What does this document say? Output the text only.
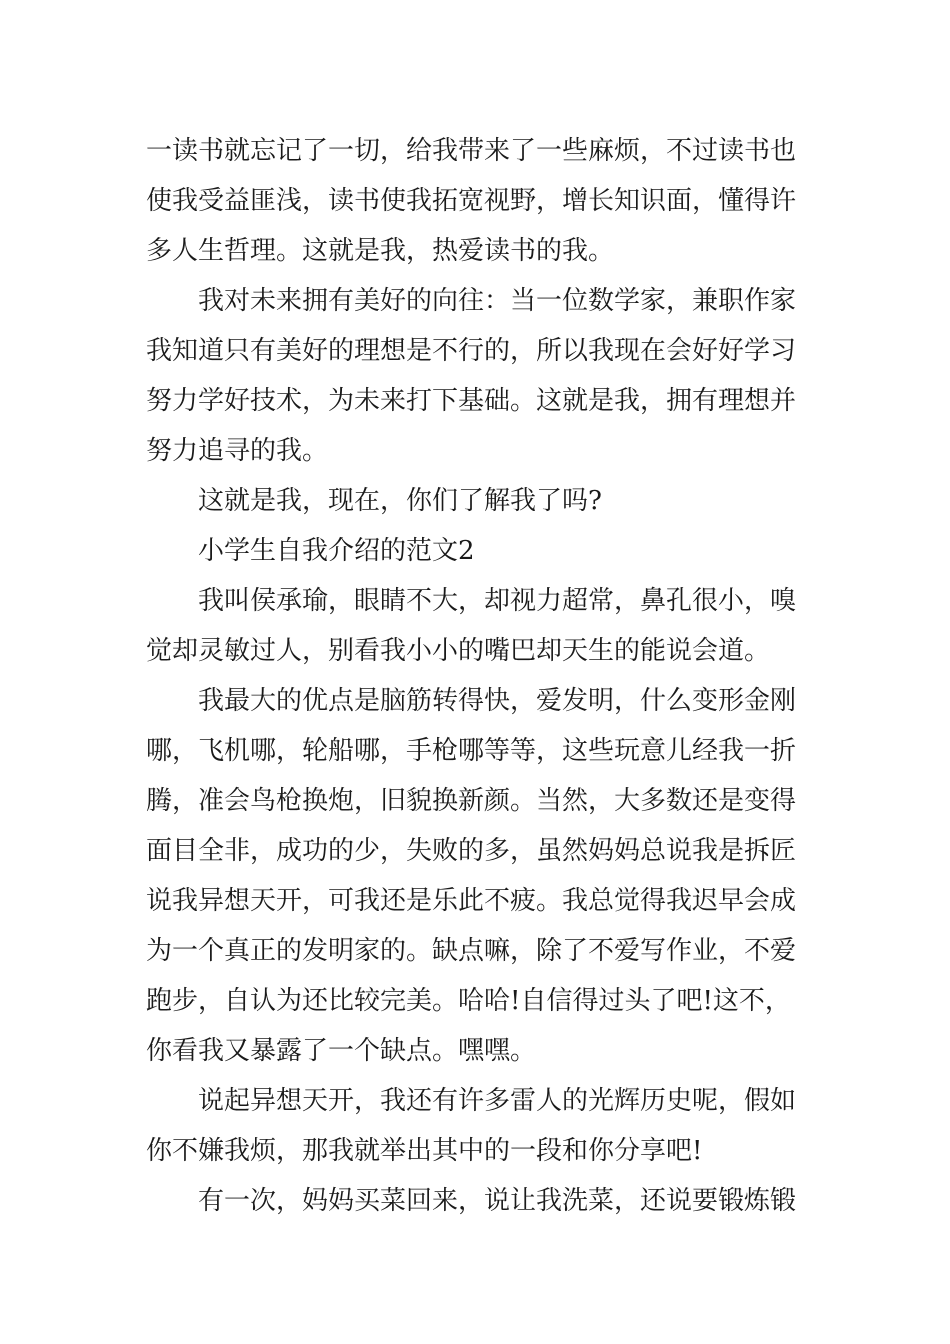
一读书就忘记了一切，给我带来了一些麻烦，不过读书也
使我受益匪浅，读书使我拓宽视野，增长知识面，懂得许
多人生哲理。这就是我，热爱读书的我。
我对未来拥有美好的向往：当一位数学家，兼职作家
我知道只有美好的理想是不行的，所以我现在会好好学习
努力学好技术，为未来打下基础。这就是我，拥有理想并
努力追寻的我。
这就是我，现在，你们了解我了吗?
小学生自我介绍的范文2
我叫侯承瑜，眼睛不大，却视力超常，鼻孔很小，嗅
觉却灵敏过人，别看我小小的嘴巴却天生的能说会道。
我最大的优点是脑筋转得快，爱发明，什么变形金刚
哪，飞机哪，轮船哪，手枪哪等等，这些玩意儿经我一折
腾，准会鸟枪换炮，旧貌换新颜。当然，大多数还是变得
面目全非，成功的少，失败的多，虽然妈妈总说我是拆匠
说我异想天开，可我还是乐此不疲。我总觉得我迟早会成
为一个真正的发明家的。缺点嘛，除了不爱写作业，不爱
跑步，自认为还比较完美。哈哈!自信得过头了吧!这不，
你看我又暴露了一个缺点。嘿嘿。
说起异想天开，我还有许多雷人的光辉历史呢，假如
你不嫌我烦，那我就举出其中的一段和你分享吧!
有一次，妈妈买菜回来，说让我洗菜，还说要锻炼锻
